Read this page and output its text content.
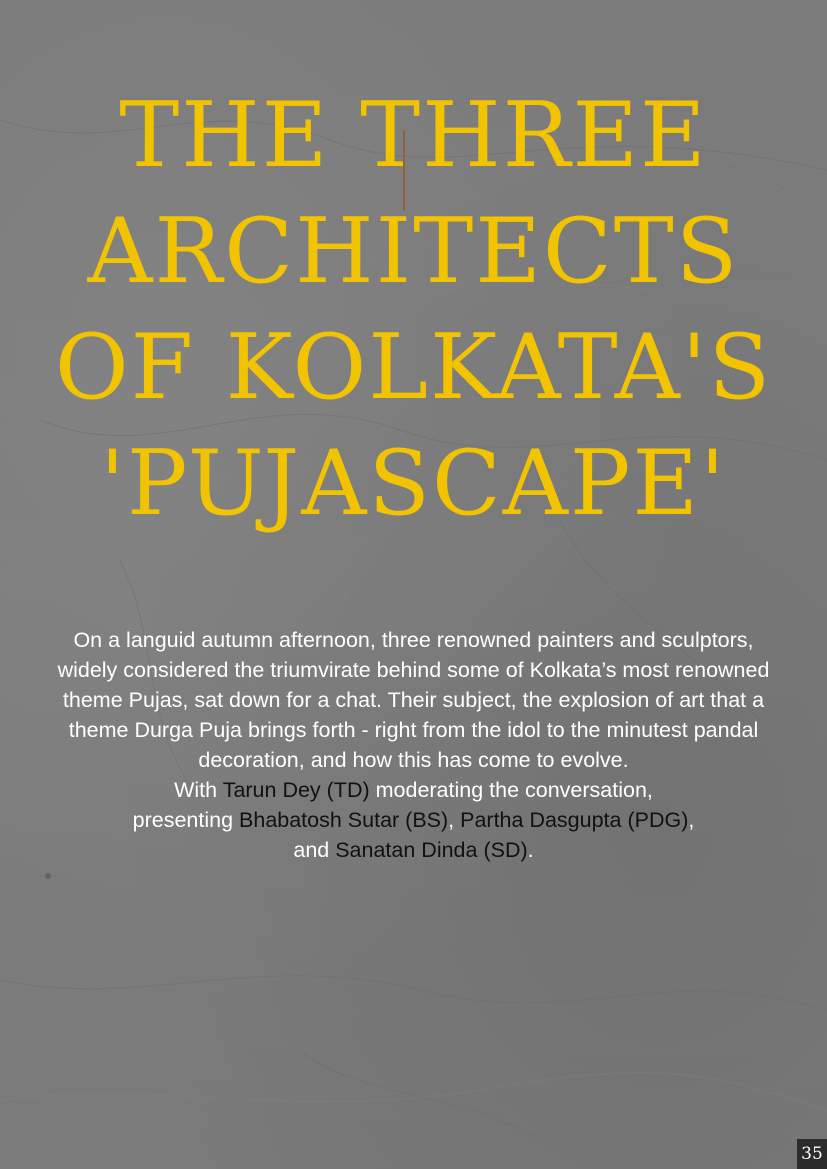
THE THREE
ARCHITECTS
OF KOLKATA'S
'PUJASCAPE'

On a languid autumn afternoon, three renowned painters and sculptors, widely considered the triumvirate behind some of Kolkata’s most renowned theme Pujas, sat down for a chat. Their subject, the explosion of art that a theme Durga Puja brings forth - right from the idol to the minutest pandal decoration, and how this has come to evolve.
With Tarun Dey (TD) moderating the conversation,
presenting Bhabatosh Sutar (BS), Partha Dasgupta (PDG),
and Sanatan Dinda (SD).

35
